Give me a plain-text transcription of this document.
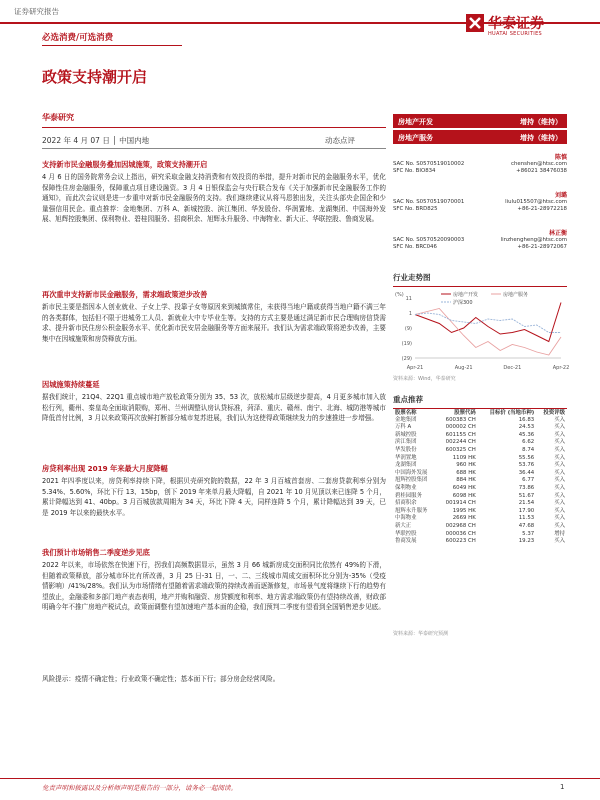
证券研究报告
必选消费/可选消费
华泰证券
HUATAI SECURITIES
政策支持潮开启
华泰研究
2022 年 4 月 07 日 │ 中国内地	动态点评
支持新市民金融服务叠加因城施策，政策支持潮开启
4 月 6 日的国务院常务会议上指出，研究采取金融支持消费和有效投资的举措，提升对新市民的金融服务水平，优化保障性住房金融服务，保障重点项目建设融资。3 月 4 日银保监会与央行联合发布《关于加强新市民金融服务工作的通知》，而此次会议则是进一步重申对新市民金融服务的支持。我们继续建议从将马恩独出发，关注头部央企国企和少量强信用民企。重点推荐：金地集团、万科 A、新城控股、滨江集团、华发股份、华润置地、龙湖集团、中国海外发展、旭辉控股集团、保利物业、碧桂园服务、招商积余、旭辉永升服务、中海物业、新大正、华联控股、鲁商发展。
再次重申支持新市民金融服务，需求端政策逆步改善
新市民主要是指因本人创业就业、子女上学、投靠子女等原因来到城镇常住，未获得当地户籍或获得当地户籍不满三年的各类群体，包括但不限于进城务工人员、新就业大中专毕业生等。支持的方式主要是通过满足新市民合理购房信贷需求、提升新市民住房公积金服务水平、优化新市民安居金融服务等方面来展开。我们认为需求端政策将逆步改善，主要集中在因城施策和房贷释放方面。
因城施策持续蔓延
据我们统计，21Q4、22Q1 重点城市地产放松政策分别为 35、53 次，放松城市层级逆步提高，4 月更多城市加入放松行列，衢州、秦皇岛全面取消限购，郑州、兰州调整认房认贷标准，菏泽、重庆、赣州、南宁、北海、城防港等城市降低首付比例，3 月以来政策再次放鲜打断部分城市复苏进展，我们认为这使得政策继续发力的步速推进一步增强。
房贷利率出现 2019 年来最大月度降幅
2021 年四季度以来，房贷利率持续下降，根据贝壳研究院的数据，22 年 3 月百城首套房、二套房贷款利率分别为 5.34%、5.60%，环比下行 13、15bp，创下 2019 年来单月最大降幅，自 2021 年 10 月见顶以来已连降 5 个月，累计降幅达到 41、40bp。3 月百城放款周期为 34 天，环比下降 4 天，同样连降 5 个月，累计降幅达到 39 天，已是 2019 年以来的最快水平。
我们预计市场销售二季度逆步见底
2022 年以来，市场依然在快速下行，拐我们高频数据显示，虽然 3 月 66 城新房成交面积同比依然有 49%的下滑，但随着政策释放，部分城市环比有所改善，3 月 25 日-31 日，一、二、三线城市周成交面积环比分别为-35%（受疫情影响）/41%/28%。我们认为市场情绪有望随着需求端政策的持续改善而逐渐修复，市场景气度将继续下行的趋势有望放止，金融委和多部门地产表态表明，地产并购和融资、房贷额度和利率、地方需求端政策仍有望持续改善，财政部明确今年不推广房地产税试点，政策面调整有望加速地产基本面的企稳，我们预判二季度有望看到全国销售逆步见底。
风险提示：疫情不确定性；行业政策不确定性；基本面下行；部分房企经营风险。
房地产开发	增持（维持）
房地产服务	增持（维持）
陈慎
SAC No. S0570519010002	chenshen@htsc.com
SFC No. BIO834	+86021 38476038
刘璐
SAC No. S0570519070001	liulu015507@htsc.com
SFC No. BRD825	+86-21-28972218
林正衡
SAC No. S0570520090003	linzhengheng@htsc.com
SFC No. BRC046	+86-21-28972067
行业走势图
11
1
(9)
(19)
(29)
(%)
Apr-21	Aug-21	Dec-21	Apr-22
房地产开发	房地产服务
沪深300
资料来源：Wind，华泰研究
重点推荐
股票名称	股票代码	目标价 (当地币种)	投资评级
金地集团	600383 CH	16.83	买入
万科 A	000002 CH	24.53	买入
新城控股	601155 CH	45.36	买入
滨江集团	002244 CH	6.62	买入
华发股份	600325 CH	8.74	买入
华润置地	1109 HK	55.56	买入
龙湖集团	960 HK	53.76	买入
中国海外发展	688 HK	36.44	买入
旭辉控股集团	884 HK	6.77	买入
保利物业	6049 HK	73.86	买入
碧桂园服务	6098 HK	51.67	买入
招商积余	001914 CH	21.54	买入
旭辉永升服务	1995 HK	17.90	买入
中海物业	2669 HK	11.53	买入
新大正	002968 CH	47.68	买入
华联控股	000036 CH	5.37	增持
鲁商发展	600223 CH	19.23	买入
资料来源：华泰研究预测
免责声明和披露以及分析师声明是报告的一部分，请务必一起阅读。	1
